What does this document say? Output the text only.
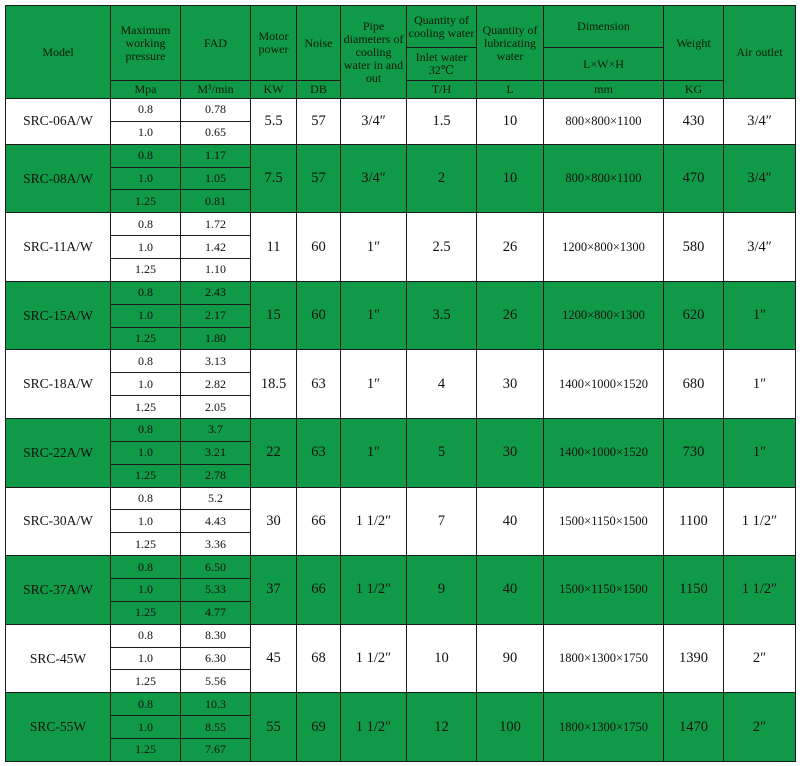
Model	Maximum working pressure	FAD	Motor power	Noise	Pipe diameters of cooling water in and out	Quantity of cooling water	Quantity of lubricating water	Dimension	Weight	Air outlet
						Inlet water 32℃		L×W×H		
	Mpa	M³/min	KW	DB		T/H	L	mm	KG	
SRC-06A/W	0.8	0.78	5.5	57	3/4″	1.5	10	800×800×1100	430	3/4″
	1.0	0.65								
SRC-08A/W	0.8	1.17	7.5	57	3/4″	2	10	800×800×1100	470	3/4″
	1.0	1.05								
	1.25	0.81								
SRC-11A/W	0.8	1.72	11	60	1″	2.5	26	1200×800×1300	580	3/4″
	1.0	1.42								
	1.25	1.10								
SRC-15A/W	0.8	2.43	15	60	1″	3.5	26	1200×800×1300	620	1″
	1.0	2.17								
	1.25	1.80								
SRC-18A/W	0.8	3.13	18.5	63	1″	4	30	1400×1000×1520	680	1″
	1.0	2.82								
	1.25	2.05								
SRC-22A/W	0.8	3.7	22	63	1″	5	30	1400×1000×1520	730	1″
	1.0	3.21								
	1.25	2.78								
SRC-30A/W	0.8	5.2	30	66	1 1/2″	7	40	1500×1150×1500	1100	1 1/2″
	1.0	4.43								
	1.25	3.36								
SRC-37A/W	0.8	6.50	37	66	1 1/2″	9	40	1500×1150×1500	1150	1 1/2″
	1.0	5.33								
	1.25	4.77								
SRC-45W	0.8	8.30	45	68	1 1/2″	10	90	1800×1300×1750	1390	2″
	1.0	6.30								
	1.25	5.56								
SRC-55W	0.8	10.3	55	69	1 1/2″	12	100	1800×1300×1750	1470	2″
	1.0	8.55								
	1.25	7.67								
